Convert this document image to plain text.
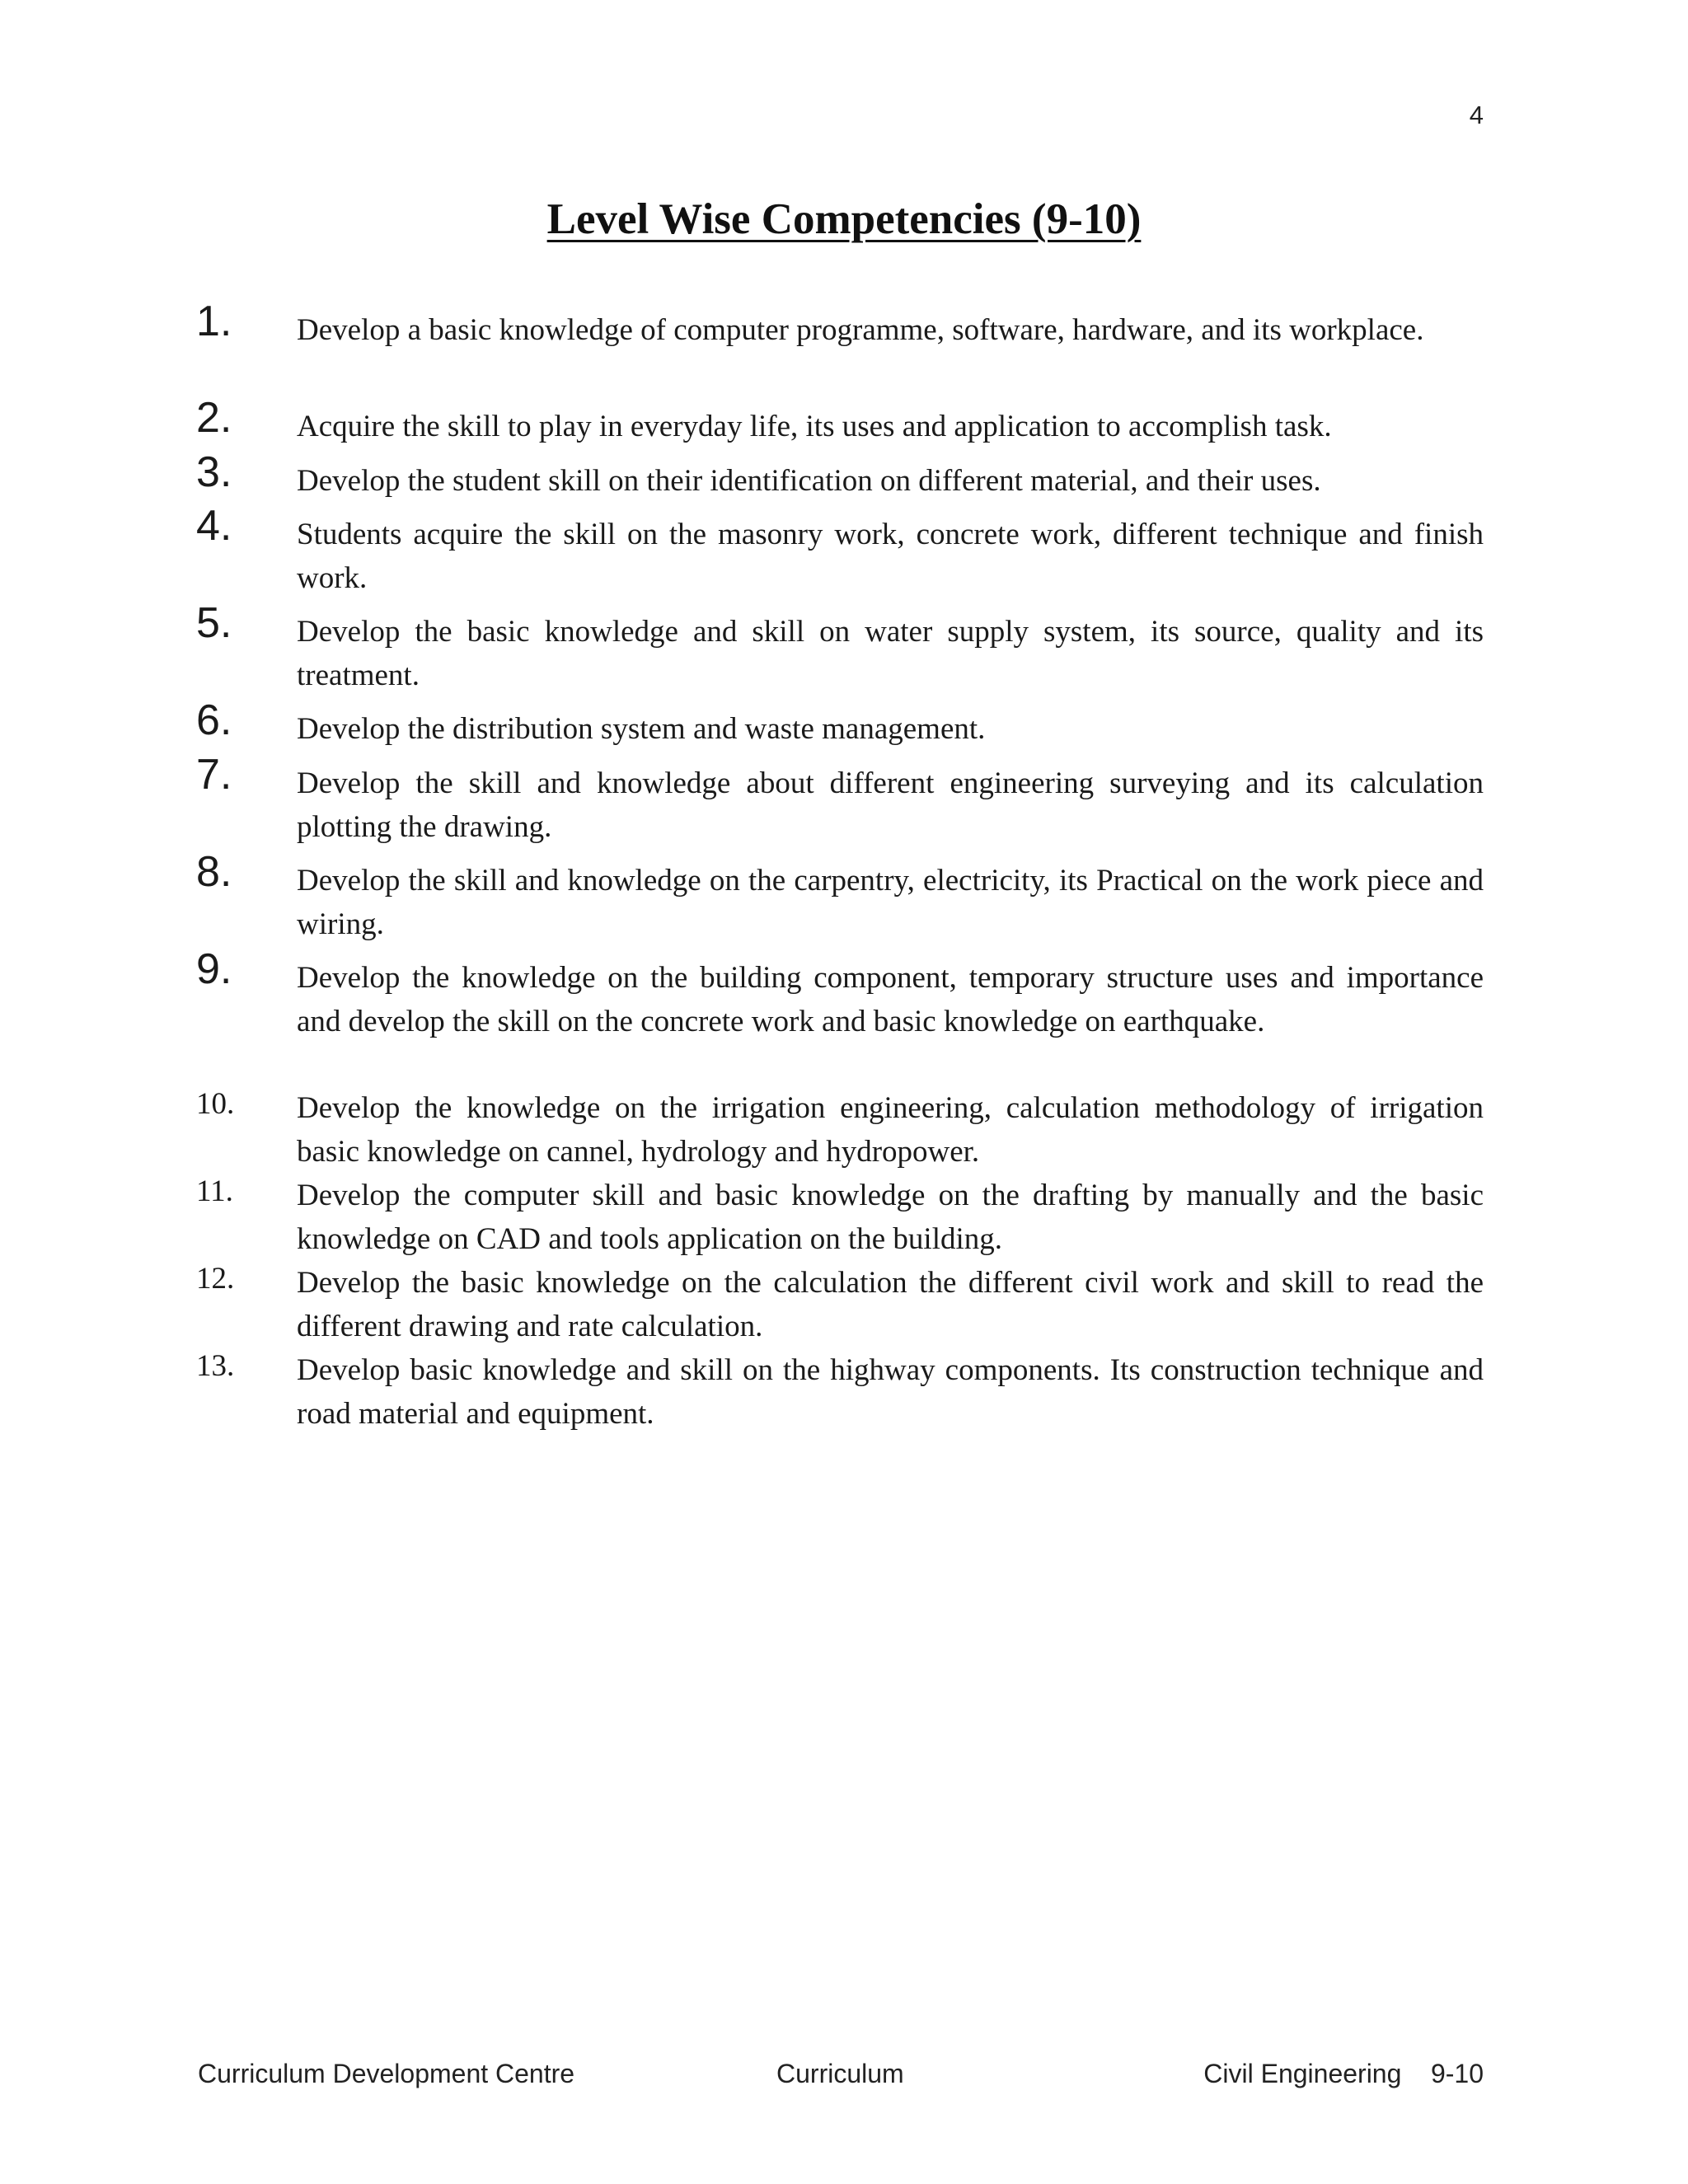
4
Level Wise Competencies (9-10)
1. Develop a basic knowledge of computer programme, software, hardware, and its workplace.
2. Acquire the skill to play in everyday life, its uses and application to accomplish task.
3. Develop the student skill on their identification on different material, and their uses.
4. Students acquire the skill on the masonry work, concrete work, different technique and finish work.
5. Develop the basic knowledge and skill on water supply system, its source, quality and its treatment.
6. Develop the distribution system and waste management.
7. Develop the skill and knowledge about different engineering surveying and its calculation plotting the drawing.
8. Develop the skill and knowledge on the carpentry, electricity, its Practical on the work piece and wiring.
9. Develop the knowledge on the building component, temporary structure uses and importance and develop the skill on the concrete work and basic knowledge on earthquake.
10. Develop the knowledge on the irrigation engineering, calculation methodology of irrigation basic knowledge on cannel, hydrology and hydropower.
11. Develop the computer skill and basic knowledge on the drafting by manually and the basic knowledge on CAD and tools application on the building.
12. Develop the basic knowledge on the calculation the different civil work and skill to read the different drawing and rate calculation.
13. Develop basic knowledge and skill on the highway components. Its construction technique and road material and equipment.
Curriculum Development Centre	Curriculum	Civil Engineering    9-10
